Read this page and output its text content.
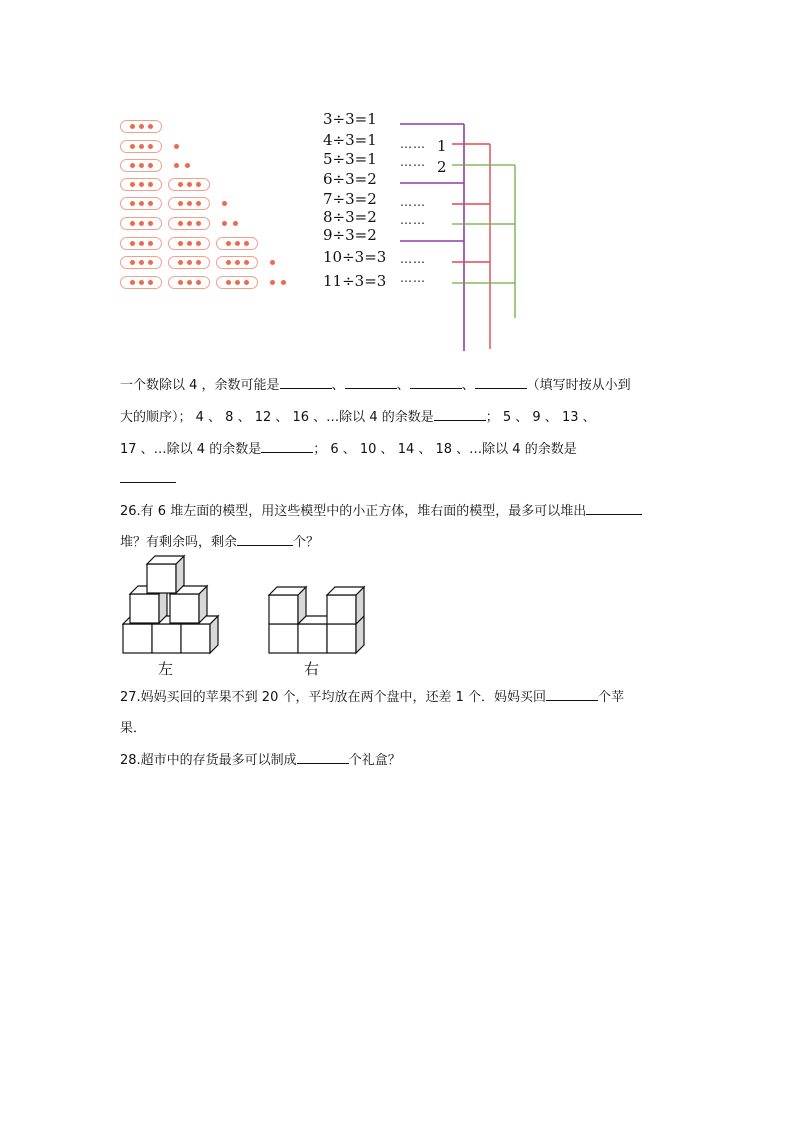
3÷3=1
4÷3=1
5÷3=1
6÷3=2
7÷3=2
8÷3=2
9÷3=2
10÷3=3
11÷3=3
……
……
……
……
……
……
1
2
一个数除以 4 ，余数可能是	、	、	、	（填写时按从小到
大的顺序）； 4 、 8 、 12 、 16 、…除以 4 的余数是	； 5 、 9 、 13 、
17 、…除以 4 的余数是	； 6 、 10 、 14 、 18 、…除以 4 的余数是
26.有 6 堆左面的模型，用这些模型中的小正方体，堆右面的模型，最多可以堆出
堆？有剩余吗，剩余	个？
左	右
27.妈妈买回的苹果不到 20 个，平均放在两个盘中，还差 1 个．妈妈买回	个苹
果．
28.超市中的存货最多可以制成	个礼盒？
